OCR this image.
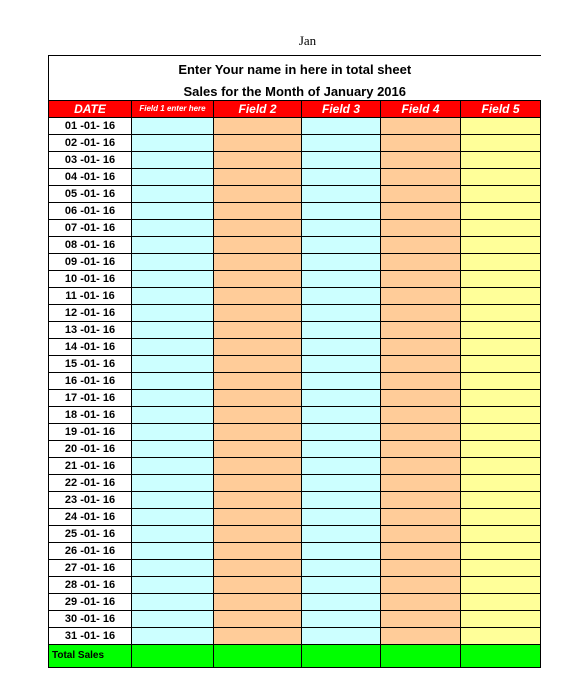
Jan
Enter Your name in here in total sheet					
Sales for the Month of January 2016					
DATE	Field 1 enter here	Field 2	Field 3	Field 4	Field 5
01 -01- 16					
02 -01- 16					
03 -01- 16					
04 -01- 16					
05 -01- 16					
06 -01- 16					
07 -01- 16					
08 -01- 16					
09 -01- 16					
10 -01- 16					
11 -01- 16					
12 -01- 16					
13 -01- 16					
14 -01- 16					
15 -01- 16					
16 -01- 16					
17 -01- 16					
18 -01- 16					
19 -01- 16					
20 -01- 16					
21 -01- 16					
22 -01- 16					
23 -01- 16					
24 -01- 16					
25 -01- 16					
26 -01- 16					
27 -01- 16					
28 -01- 16					
29 -01- 16					
30 -01- 16					
31 -01- 16					
Total Sales					
